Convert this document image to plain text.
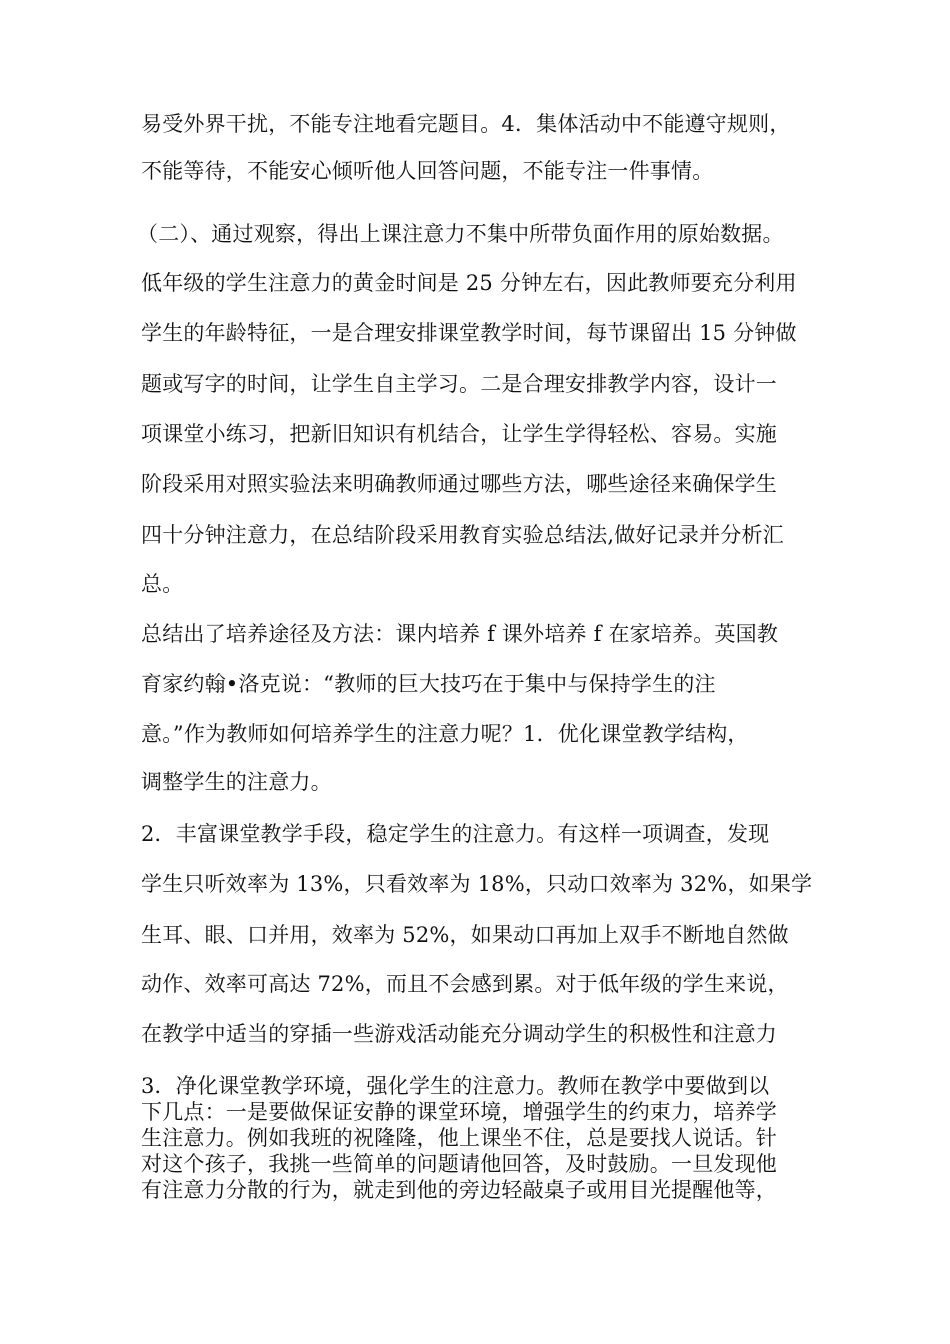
易受外界干扰，不能专注地看完题目。4．集体活动中不能遵守规则，
不能等待，不能安心倾听他人回答问题，不能专注一件事情。
（二）、通过观察，得出上课注意力不集中所带负面作用的原始数据。
低年级的学生注意力的黄金时间是 25 分钟左右，因此教师要充分利用
学生的年龄特征，一是合理安排课堂教学时间，每节课留出 15 分钟做
题或写字的时间，让学生自主学习。二是合理安排教学内容，设计一
项课堂小练习，把新旧知识有机结合，让学生学得轻松、容易。实施
阶段采用对照实验法来明确教师通过哪些方法，哪些途径来确保学生
四十分钟注意力，在总结阶段采用教育实验总结法,做好记录并分析汇
总。
总结出了培养途径及方法：课内培养 f 课外培养 f 在家培养。英国教
育家约翰•洛克说：“教师的巨大技巧在于集中与保持学生的注
意。”作为教师如何培养学生的注意力呢？1．优化课堂教学结构，
调整学生的注意力。
2．丰富课堂教学手段，稳定学生的注意力。有这样一项调查，发现
学生只听效率为 13%，只看效率为 18%，只动口效率为 32%，如果学
生耳、眼、口并用，效率为 52%，如果动口再加上双手不断地自然做
动作、效率可高达 72%，而且不会感到累。对于低年级的学生来说，
在教学中适当的穿插一些游戏活动能充分调动学生的积极性和注意力
3．净化课堂教学环境，强化学生的注意力。教师在教学中要做到以
下几点：一是要做保证安静的课堂环境，增强学生的约束力，培养学
生注意力。例如我班的祝隆隆，他上课坐不住，总是要找人说话。针
对这个孩子，我挑一些简单的问题请他回答，及时鼓励。一旦发现他
有注意力分散的行为，就走到他的旁边轻敲桌子或用目光提醒他等，
